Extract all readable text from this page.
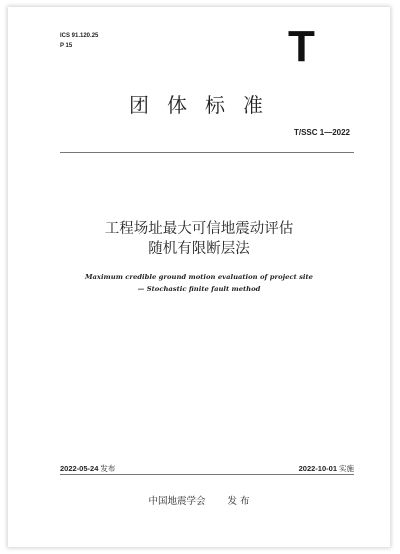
ICS 91.120.25
P 15	T
团体标准
T/SSC 1—2022
工程场址最大可信地震动评估
随机有限断层法
Maximum credible ground motion evaluation of project site
— Stochastic finite fault method
2022-05-24 发布	2022-10-01 实施
中国地震学会 发 布
